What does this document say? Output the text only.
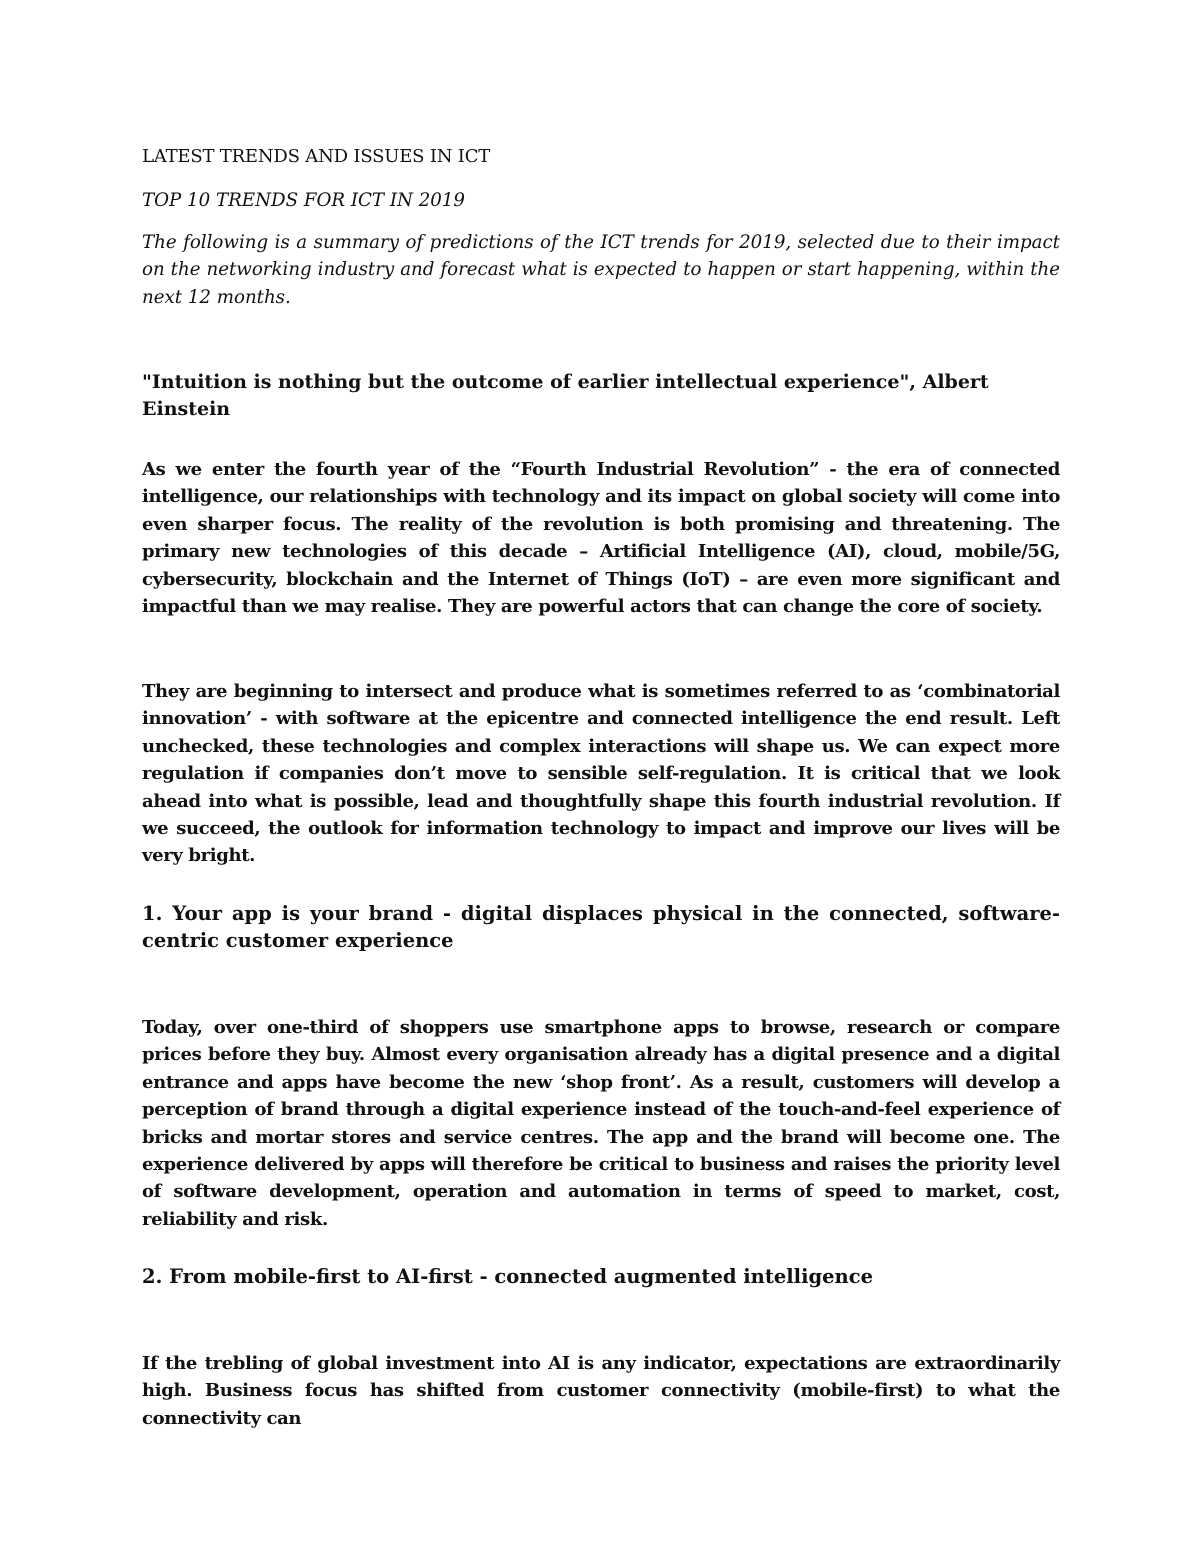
LATEST TRENDS AND ISSUES IN ICT

TOP 10 TRENDS FOR ICT IN 2019

The following is a summary of predictions of the ICT trends for 2019, selected due to their impact on the networking industry and forecast what is expected to happen or start happening, within the next 12 months.

"Intuition is nothing but the outcome of earlier intellectual experience", Albert Einstein

As we enter the fourth year of the “Fourth Industrial Revolution” - the era of connected intelligence, our relationships with technology and its impact on global society will come into even sharper focus. The reality of the revolution is both promising and threatening. The primary new technologies of this decade – Artificial Intelligence (AI), cloud, mobile/5G, cybersecurity, blockchain and the Internet of Things (IoT) – are even more significant and impactful than we may realise. They are powerful actors that can change the core of society.

They are beginning to intersect and produce what is sometimes referred to as ‘combinatorial innovation’ - with software at the epicentre and connected intelligence the end result. Left unchecked, these technologies and complex interactions will shape us. We can expect more regulation if companies don’t move to sensible self-regulation. It is critical that we look ahead into what is possible, lead and thoughtfully shape this fourth industrial revolution. If we succeed, the outlook for information technology to impact and improve our lives will be very bright.

1. Your app is your brand - digital displaces physical in the connected, software-centric customer experience

Today, over one-third of shoppers use smartphone apps to browse, research or compare prices before they buy. Almost every organisation already has a digital presence and a digital entrance and apps have become the new ‘shop front’. As a result, customers will develop a perception of brand through a digital experience instead of the touch-and-feel experience of bricks and mortar stores and service centres. The app and the brand will become one. The experience delivered by apps will therefore be critical to business and raises the priority level of software development, operation and automation in terms of speed to market, cost, reliability and risk.

2. From mobile-first to AI-first - connected augmented intelligence

If the trebling of global investment into AI is any indicator, expectations are extraordinarily high. Business focus has shifted from customer connectivity (mobile-first) to what the connectivity can
